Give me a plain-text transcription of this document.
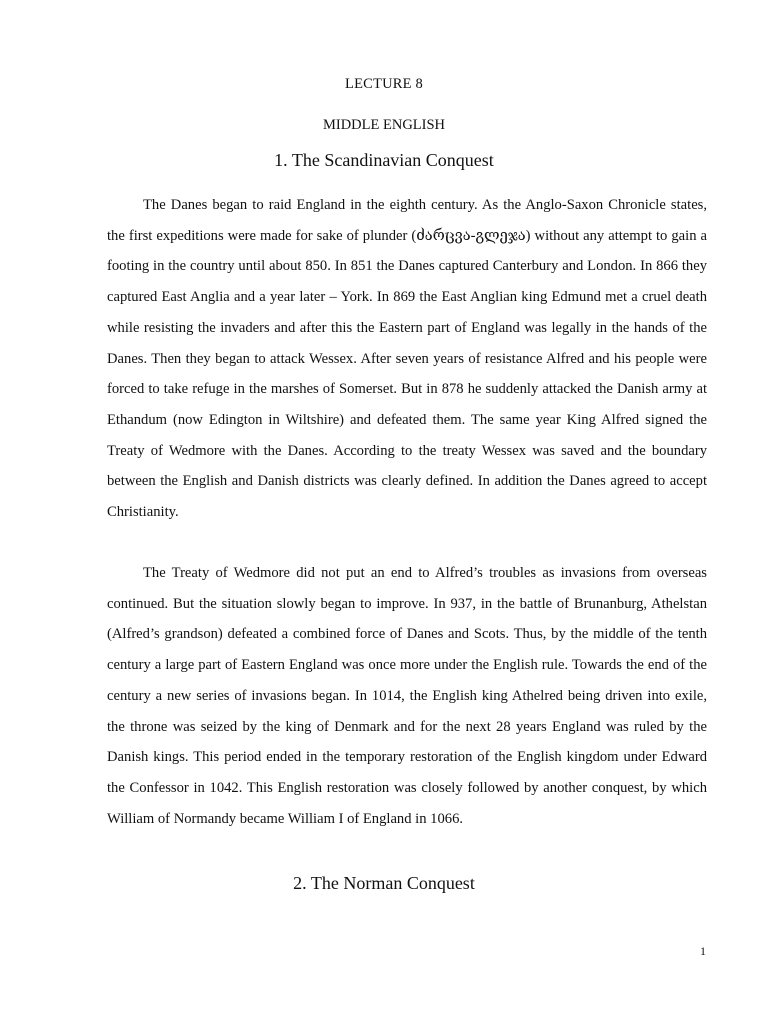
LECTURE 8
MIDDLE ENGLISH
1. The Scandinavian Conquest

The Danes began to raid England in the eighth century. As the Anglo-Saxon Chronicle states, the first expeditions were made for sake of plunder (ძარცვა-გლეჯა) without any attempt to gain a footing in the country until about 850. In 851 the Danes captured Canterbury and London. In 866 they captured East Anglia and a year later – York. In 869 the East Anglian king Edmund met a cruel death while resisting the invaders and after this the Eastern part of England was legally in the hands of the Danes. Then they began to attack Wessex. After seven years of resistance Alfred and his people were forced to take refuge in the marshes of Somerset. But in 878 he suddenly attacked the Danish army at Ethandum (now Edington in Wiltshire) and defeated them. The same year King Alfred signed the Treaty of Wedmore with the Danes. According to the treaty Wessex was saved and the boundary between the English and Danish districts was clearly defined. In addition the Danes agreed to accept Christianity.

The Treaty of Wedmore did not put an end to Alfred’s troubles as invasions from overseas continued. But the situation slowly began to improve. In 937, in the battle of Brunanburg, Athelstan (Alfred’s grandson) defeated a combined force of Danes and Scots. Thus, by the middle of the tenth century a large part of Eastern England was once more under the English rule. Towards the end of the century a new series of invasions began. In 1014, the English king Athelred being driven into exile, the throne was seized by the king of Denmark and for the next 28 years England was ruled by the Danish kings. This period ended in the temporary restoration of the English kingdom under Edward the Confessor in 1042. This English restoration was closely followed by another conquest, by which William of Normandy became William I of England in 1066.

2. The Norman Conquest
1
